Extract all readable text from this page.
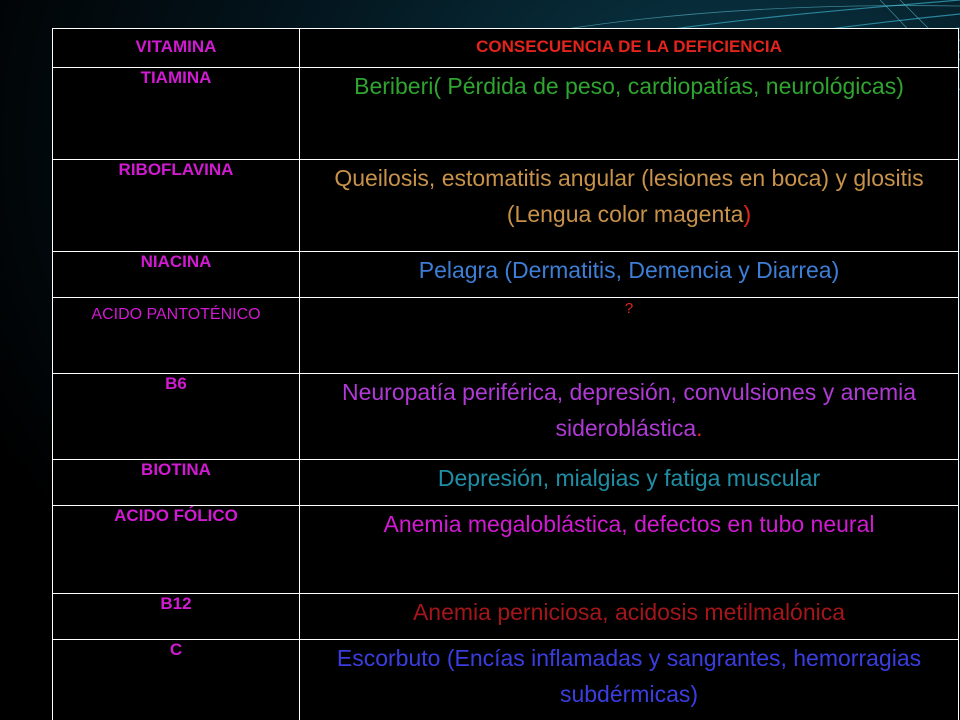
VITAMINA	CONSECUENCIA DE LA DEFICIENCIA
TIAMINA	Beriberi( Pérdida de peso, cardiopatías, neurológicas)
RIBOFLAVINA	Queilosis, estomatitis angular (lesiones en boca) y glositis (Lengua color magenta)
NIACINA	Pelagra (Dermatitis, Demencia y Diarrea)
ACIDO PANTOTÉNICO	?
B6	Neuropatía periférica, depresión, convulsiones y anemia sideroblástica.
BIOTINA	Depresión, mialgias y fatiga muscular
ACIDO FÓLICO	Anemia megaloblástica, defectos en tubo neural
B12	Anemia perniciosa, acidosis metilmalónica
C	Escorbuto (Encías inflamadas y sangrantes, hemorragias subdérmicas)
